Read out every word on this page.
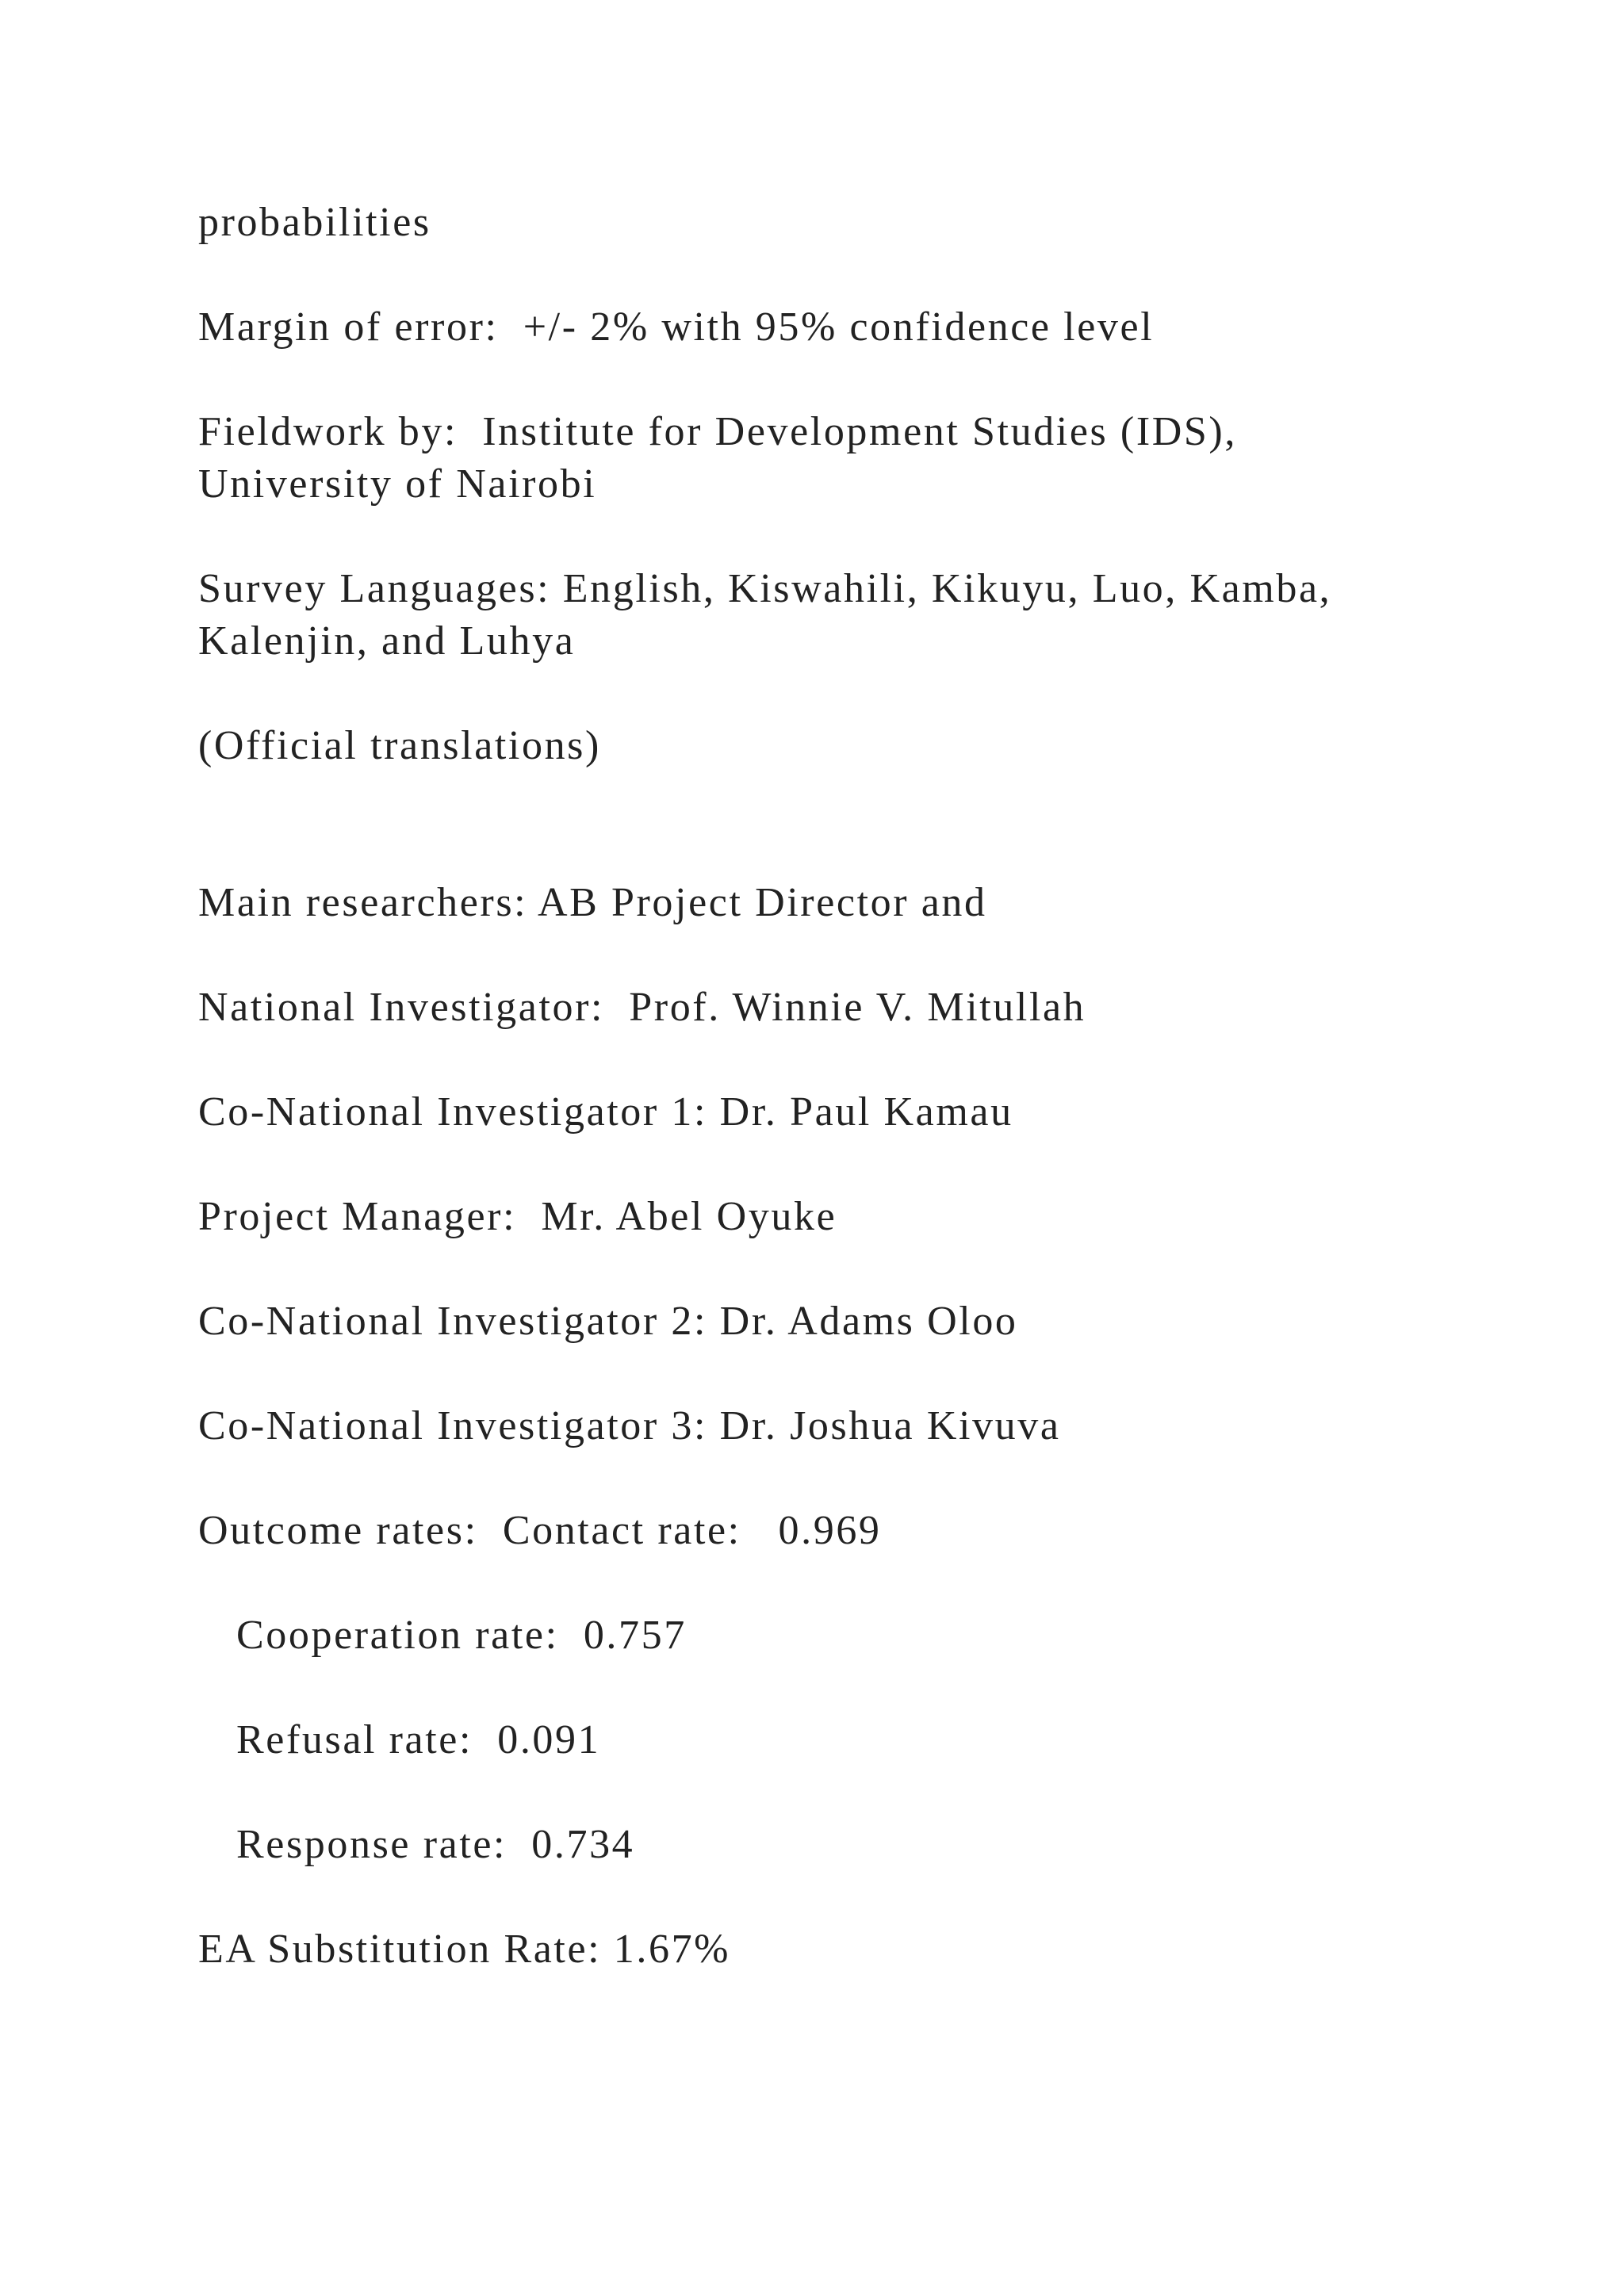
probabilities

Margin of error:  +/- 2% with 95% confidence level

Fieldwork by:  Institute for Development Studies (IDS),

University of Nairobi

Survey Languages: English, Kiswahili, Kikuyu, Luo, Kamba,

Kalenjin, and Luhya

(Official translations)

Main researchers: AB Project Director and

National Investigator:  Prof. Winnie V. Mitullah

Co-National Investigator 1: Dr. Paul Kamau

Project Manager:  Mr. Abel Oyuke

Co-National Investigator 2: Dr. Adams Oloo

Co-National Investigator 3: Dr. Joshua Kivuva

Outcome rates:  Contact rate:   0.969

Cooperation rate:  0.757

Refusal rate:  0.091

Response rate:  0.734

EA Substitution Rate: 1.67%
